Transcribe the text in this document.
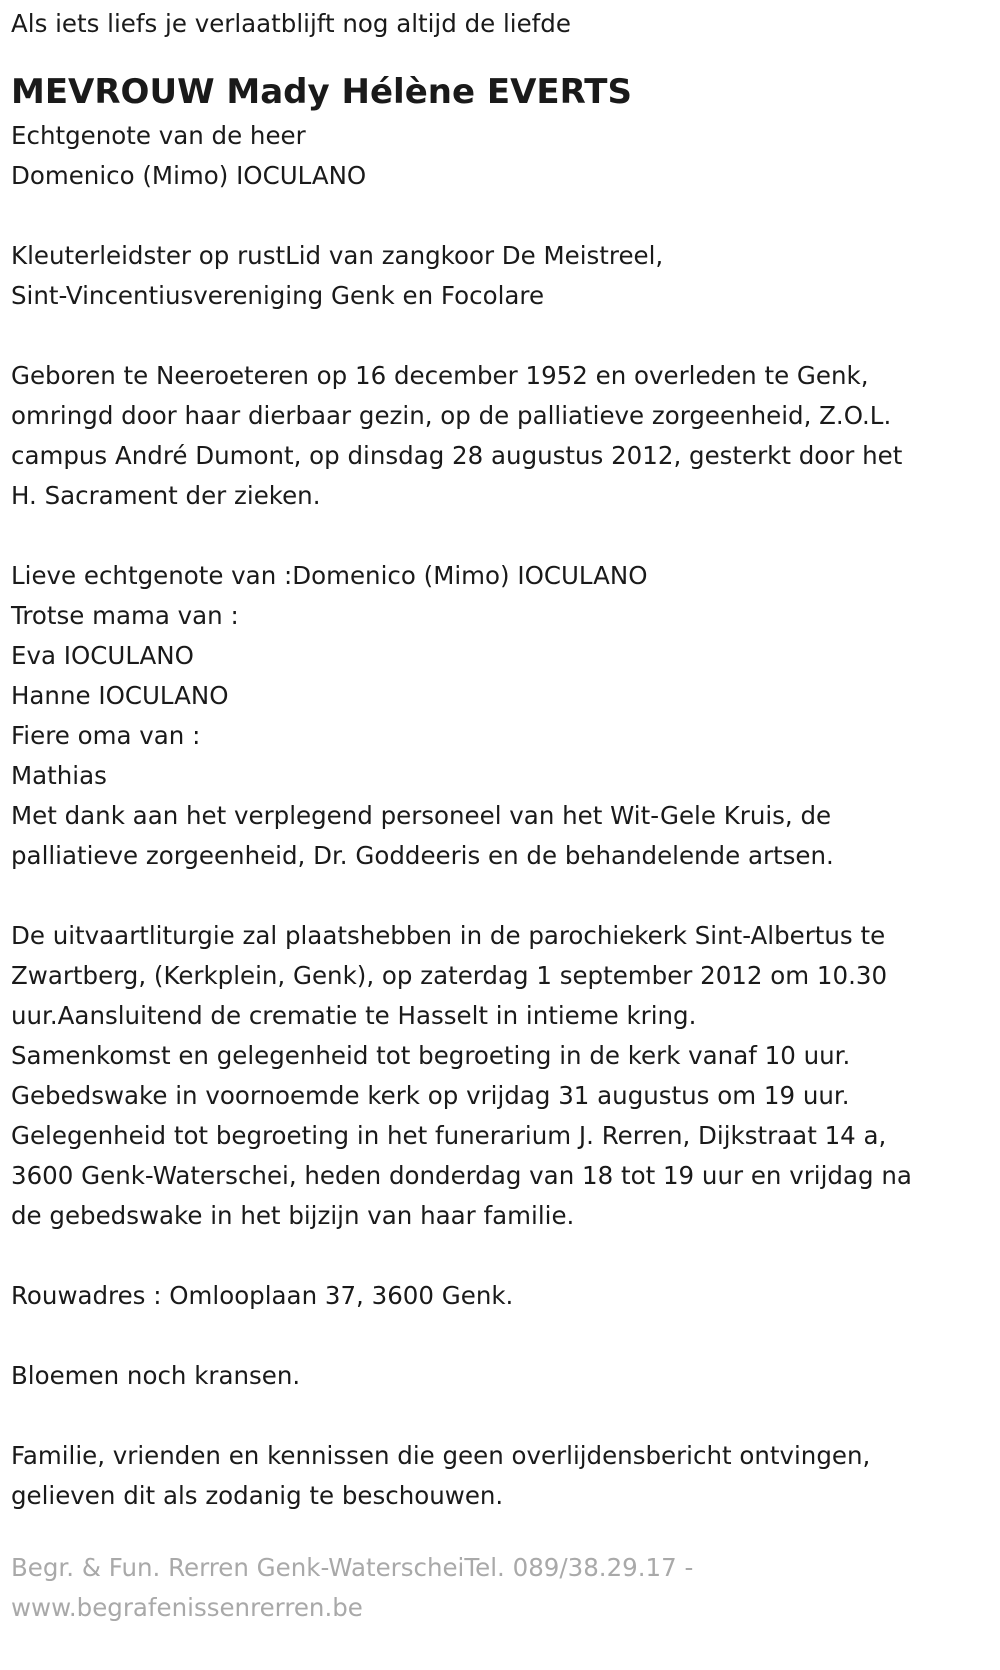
Als iets liefs je verlaatblijft nog altijd de liefde

MEVROUW Mady Hélène EVERTS

Echtgenote van de heer

Domenico (Mimo) IOCULANO

Kleuterleidster op rustLid van zangkoor De Meistreel,

Sint-Vincentiusvereniging Genk en Focolare

Geboren te Neeroeteren op 16 december 1952 en overleden te Genk,

omringd door haar dierbaar gezin, op de palliatieve zorgeenheid, Z.O.L.

campus André Dumont, op dinsdag 28 augustus 2012, gesterkt door het

H. Sacrament der zieken.

Lieve echtgenote van :Domenico (Mimo) IOCULANO

Trotse mama van :

Eva IOCULANO

Hanne IOCULANO

Fiere oma van :

Mathias

Met dank aan het verplegend personeel van het Wit-Gele Kruis, de

palliatieve zorgeenheid, Dr. Goddeeris en de behandelende artsen.

De uitvaartliturgie zal plaatshebben in de parochiekerk Sint-Albertus te

Zwartberg, (Kerkplein, Genk), op zaterdag 1 september 2012 om 10.30

uur.Aansluitend de crematie te Hasselt in intieme kring.

Samenkomst en gelegenheid tot begroeting in de kerk vanaf 10 uur.

Gebedswake in voornoemde kerk op vrijdag 31 augustus om 19 uur.

Gelegenheid tot begroeting in het funerarium J. Rerren, Dijkstraat 14 a,

3600 Genk-Waterschei, heden donderdag van 18 tot 19 uur en vrijdag na

de gebedswake in het bijzijn van haar familie.

Rouwadres : Omlooplaan 37, 3600 Genk.

Bloemen noch kransen.

Familie, vrienden en kennissen die geen overlijdensbericht ontvingen,

gelieven dit als zodanig te beschouwen.

Begr. & Fun. Rerren Genk-WaterscheiTel. 089/38.29.17 -

www.begrafenissenrerren.be
